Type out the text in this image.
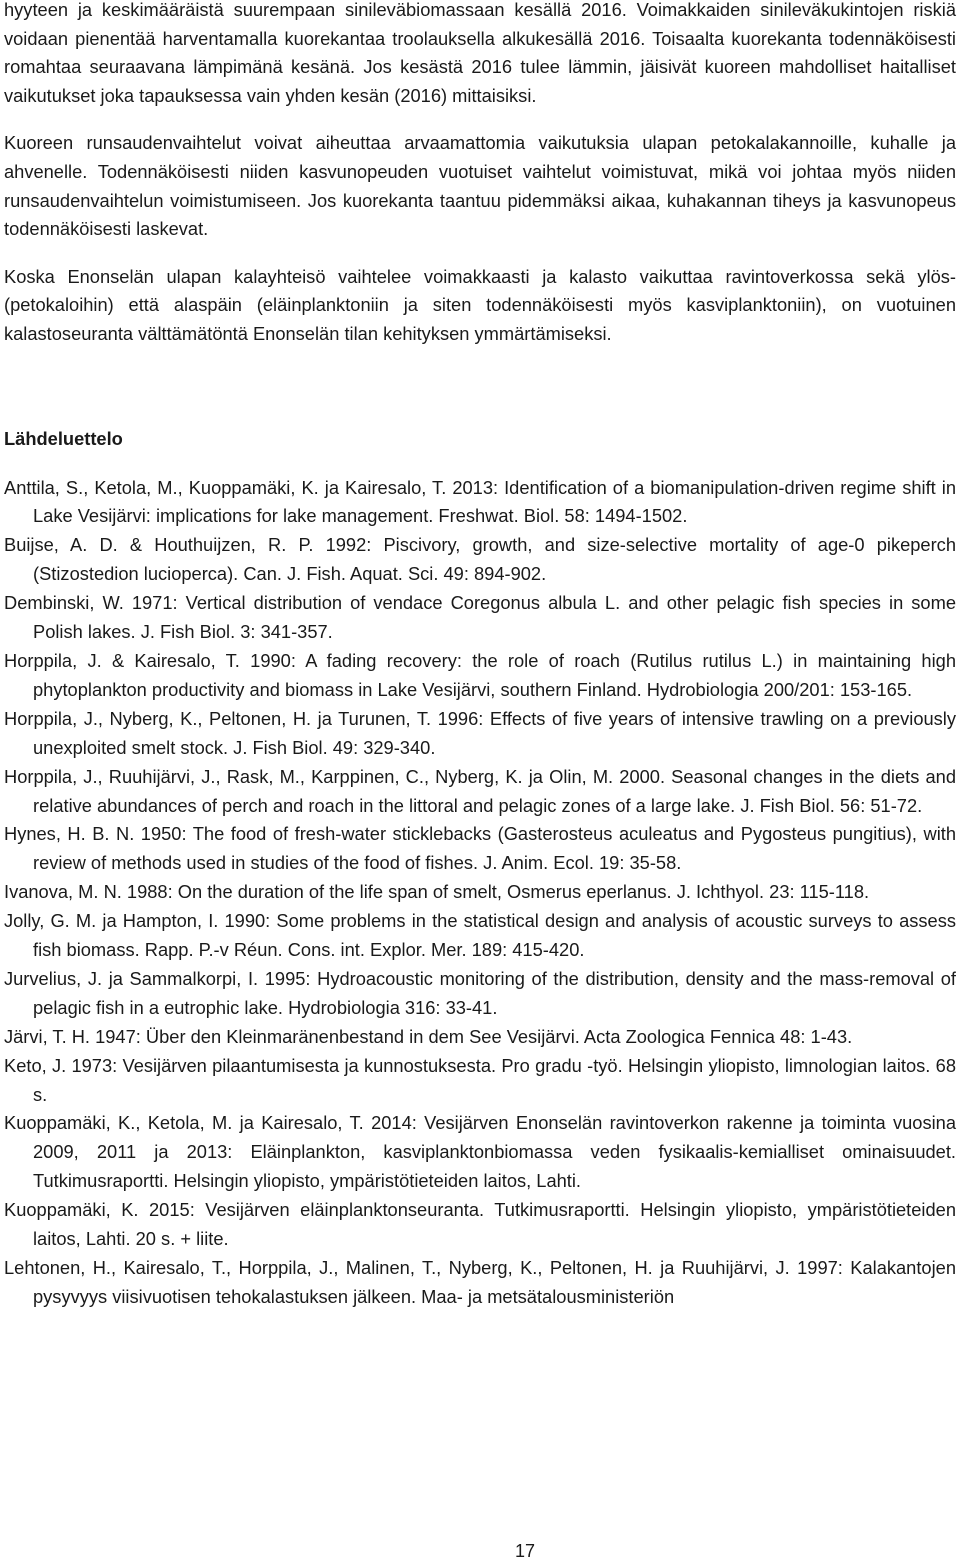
hyyteen ja keskimääräistä suurempaan sinileväbiomassaan kesällä 2016. Voimakkaiden sinileväkukintojen riskiä voidaan pienentää harventamalla kuorekantaa troolauksella alkukesällä 2016. Toisaalta kuorekanta todennäköisesti romahtaa seuraavana lämpimänä kesänä. Jos kesästä 2016 tulee lämmin, jäisivät kuoreen mahdolliset haitalliset vaikutukset joka tapauksessa vain yhden kesän (2016) mittaisiksi.

Kuoreen runsaudenvaihtelut voivat aiheuttaa arvaamattomia vaikutuksia ulapan petokalakannoille, kuhalle ja ahvenelle. Todennäköisesti niiden kasvunopeuden vuotuiset vaihtelut voimistuvat, mikä voi johtaa myös niiden runsaudenvaihtelun voimistumiseen. Jos kuorekanta taantuu pidemmäksi aikaa, kuhakannan tiheys ja kasvunopeus todennäköisesti laskevat.

Koska Enonselän ulapan kalayhteisö vaihtelee voimakkaasti ja kalasto vaikuttaa ravintoverkossa sekä ylös- (petokaloihin) että alaspäin (eläinplanktoniin ja siten todennäköisesti myös kasviplanktoniin), on vuotuinen kalastoseuranta välttämätöntä Enonselän tilan kehityksen ymmärtämiseksi.

Lähdeluettelo
Anttila, S., Ketola, M., Kuoppamäki, K. ja Kairesalo, T. 2013: Identification of a biomanipulation-driven regime shift in Lake Vesijärvi: implications for lake management. Freshwat. Biol. 58: 1494-1502.
Buijse, A. D. & Houthuijzen, R. P. 1992: Piscivory, growth, and size-selective mortality of age-0 pikeperch (Stizostedion lucioperca). Can. J. Fish. Aquat. Sci. 49: 894-902.
Dembinski, W. 1971: Vertical distribution of vendace Coregonus albula L. and other pelagic fish species in some Polish lakes. J. Fish Biol. 3: 341-357.
Horppila, J. & Kairesalo, T. 1990: A fading recovery: the role of roach (Rutilus rutilus L.) in maintaining high phytoplankton productivity and biomass in Lake Vesijärvi, southern Finland. Hydrobiologia 200/201: 153-165.
Horppila, J., Nyberg, K., Peltonen, H. ja Turunen, T. 1996: Effects of five years of intensive trawling on a previously unexploited smelt stock. J. Fish Biol. 49: 329-340.
Horppila, J., Ruuhijärvi, J., Rask, M., Karppinen, C., Nyberg, K. ja Olin, M. 2000. Seasonal changes in the diets and relative abundances of perch and roach in the littoral and pelagic zones of a large lake. J. Fish Biol. 56: 51-72.
Hynes, H. B. N. 1950: The food of fresh-water sticklebacks (Gasterosteus aculeatus and Pygosteus pungitius), with review of methods used in studies of the food of fishes. J. Anim. Ecol. 19: 35-58.
Ivanova, M. N. 1988: On the duration of the life span of smelt, Osmerus eperlanus. J. Ichthyol. 23: 115-118.
Jolly, G. M. ja Hampton, I. 1990: Some problems in the statistical design and analysis of acoustic surveys to assess fish biomass. Rapp. P.-v Réun. Cons. int. Explor. Mer. 189: 415-420.
Jurvelius, J. ja Sammalkorpi, I. 1995: Hydroacoustic monitoring of the distribution, density and the mass-removal of pelagic fish in a eutrophic lake. Hydrobiologia 316: 33-41.
Järvi, T. H. 1947: Über den Kleinmaränenbestand in dem See Vesijärvi. Acta Zoologica Fennica 48: 1-43.
Keto, J. 1973: Vesijärven pilaantumisesta ja kunnostuksesta. Pro gradu -työ. Helsingin yliopisto, limnologian laitos. 68 s.
Kuoppamäki, K., Ketola, M. ja Kairesalo, T. 2014: Vesijärven Enonselän ravintoverkon rakenne ja toiminta vuosina 2009, 2011 ja 2013: Eläinplankton, kasviplanktonbiomassa veden fysikaalis-kemialliset ominaisuudet. Tutkimusraportti. Helsingin yliopisto, ympäristötieteiden laitos, Lahti.
Kuoppamäki, K. 2015: Vesijärven eläinplanktonseuranta. Tutkimusraportti. Helsingin yliopisto, ympäristötieteiden laitos, Lahti. 20 s. + liite.
Lehtonen, H., Kairesalo, T., Horppila, J., Malinen, T., Nyberg, K., Peltonen, H. ja Ruuhijärvi, J. 1997: Kalakantojen pysyvyys viisivuotisen tehokalastuksen jälkeen. Maa- ja metsätalousministeriön
17
